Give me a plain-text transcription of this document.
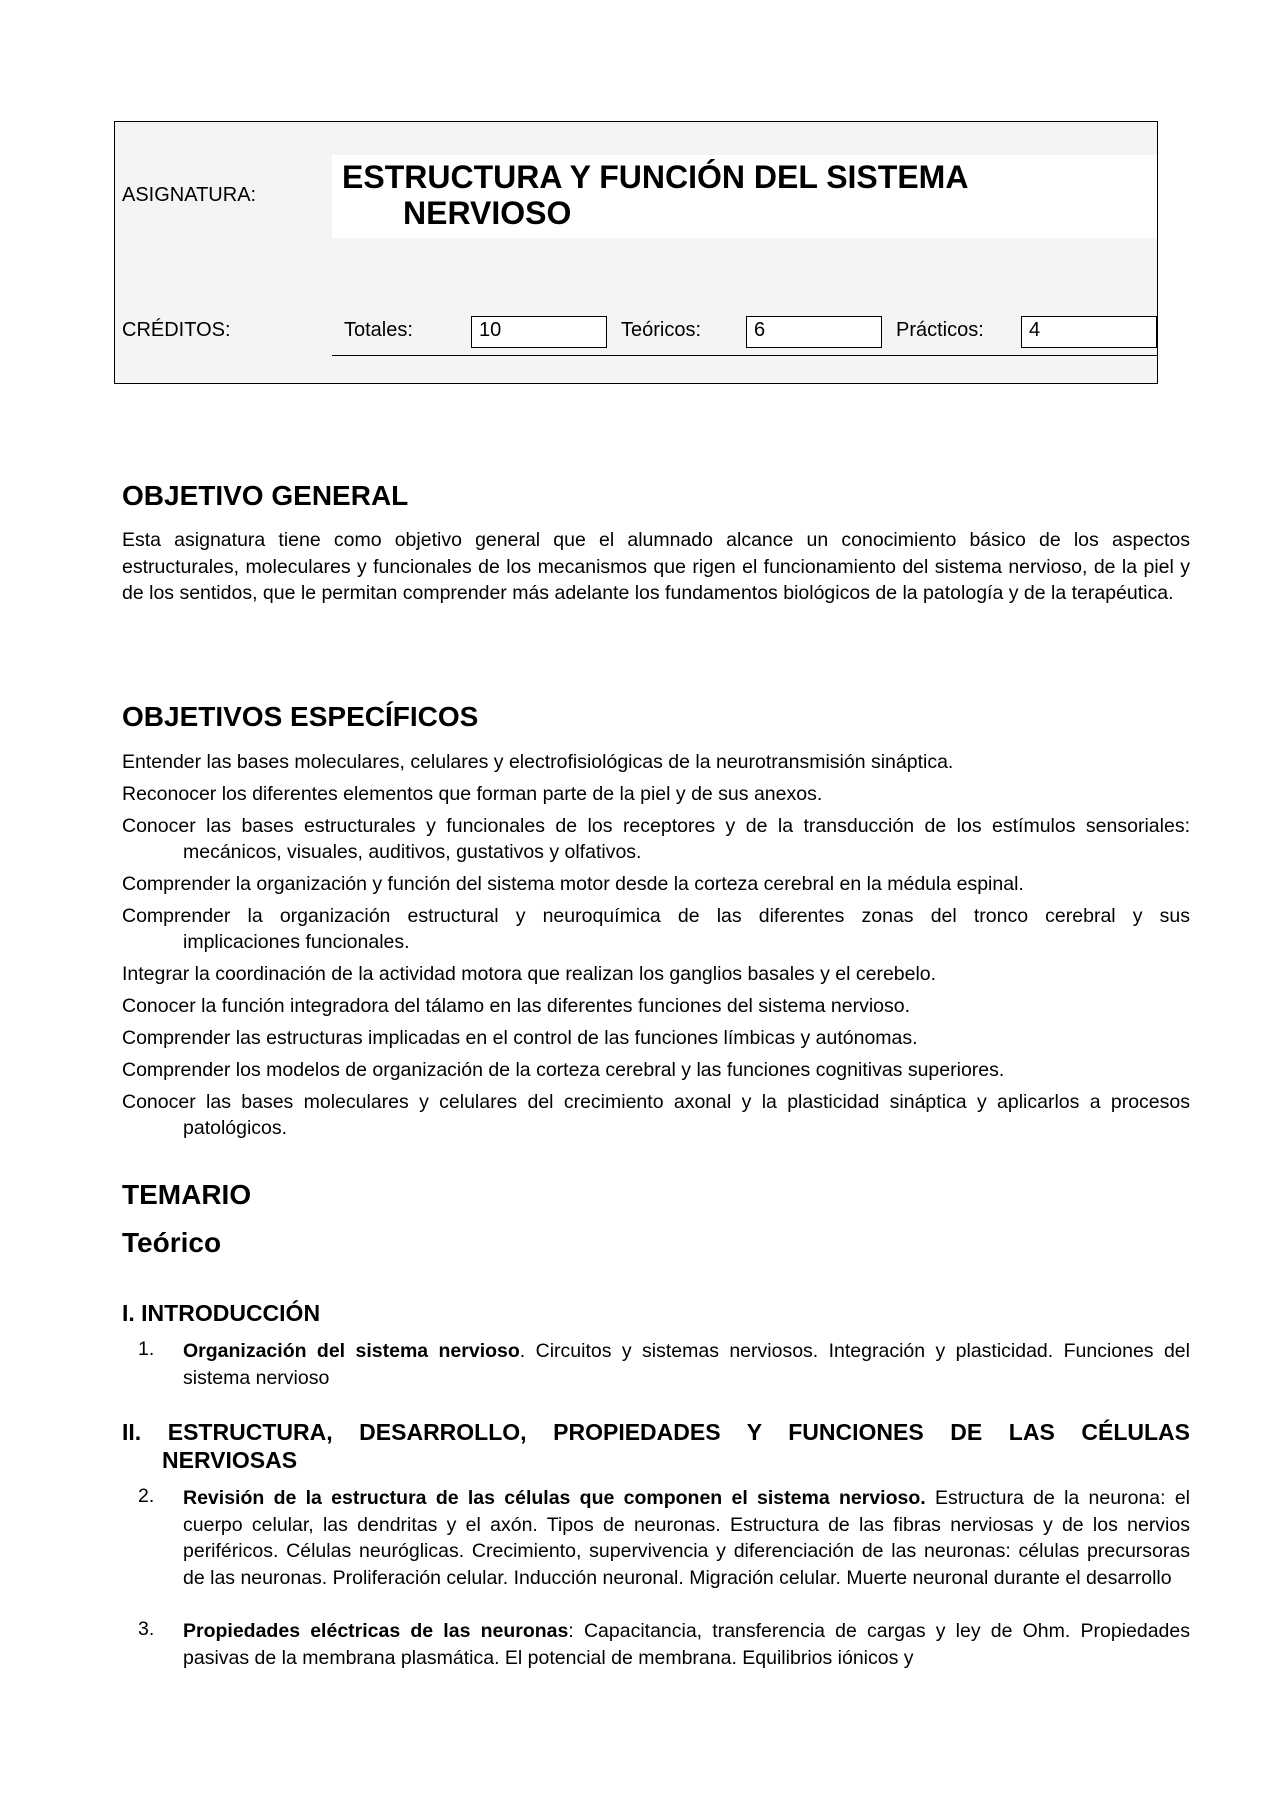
ASIGNATURA:	ESTRUCTURA Y FUNCIÓN DEL SISTEMA
NERVIOSO
CRÉDITOS:	Totales:	10	Teóricos:	6	Prácticos:	4
OBJETIVO GENERAL
Esta asignatura tiene como objetivo general que el alumnado alcance un conocimiento básico de los aspectos estructurales, moleculares y funcionales de los mecanismos que rigen el funcionamiento del sistema nervioso, de la piel y de los sentidos, que le permitan comprender más adelante los fundamentos biológicos de la patología y de la terapéutica.
OBJETIVOS ESPECÍFICOS
Entender las bases moleculares, celulares y electrofisiológicas de la neurotransmisión sináptica.
Reconocer los diferentes elementos que forman parte de la piel y de sus anexos.
Conocer las bases estructurales y funcionales de los receptores y de la transducción de los estímulos sensoriales:
mecánicos, visuales, auditivos, gustativos y olfativos.
Comprender la organización y función del sistema motor desde la corteza cerebral en la médula espinal.
Comprender la organización estructural y neuroquímica de las diferentes zonas del tronco cerebral y sus
implicaciones funcionales.
Integrar la coordinación de la actividad motora que realizan los ganglios basales y el cerebelo.
Conocer la función integradora del tálamo en las diferentes funciones del sistema nervioso.
Comprender las estructuras implicadas en el control de las funciones límbicas y autónomas.
Comprender los modelos de organización de la corteza cerebral y las funciones cognitivas superiores.
Conocer las bases moleculares y celulares del crecimiento axonal y la plasticidad sináptica y aplicarlos a procesos
patológicos.
TEMARIO
Teórico
I. INTRODUCCIÓN
1. Organización del sistema nervioso. Circuitos y sistemas nerviosos. Integración y plasticidad. Funciones del sistema nervioso
II. ESTRUCTURA, DESARROLLO, PROPIEDADES Y FUNCIONES DE LAS CÉLULAS
NERVIOSAS
2. Revisión de la estructura de las células que componen el sistema nervioso. Estructura de la neurona: el cuerpo celular, las dendritas y el axón. Tipos de neuronas. Estructura de las fibras nerviosas y de los nervios periféricos. Células neuróglicas. Crecimiento, supervivencia y diferenciación de las neuronas: células precursoras de las neuronas. Proliferación celular. Inducción neuronal. Migración celular. Muerte neuronal durante el desarrollo
3. Propiedades eléctricas de las neuronas: Capacitancia, transferencia de cargas y ley de Ohm. Propiedades pasivas de la membrana plasmática. El potencial de membrana. Equilibrios iónicos y
